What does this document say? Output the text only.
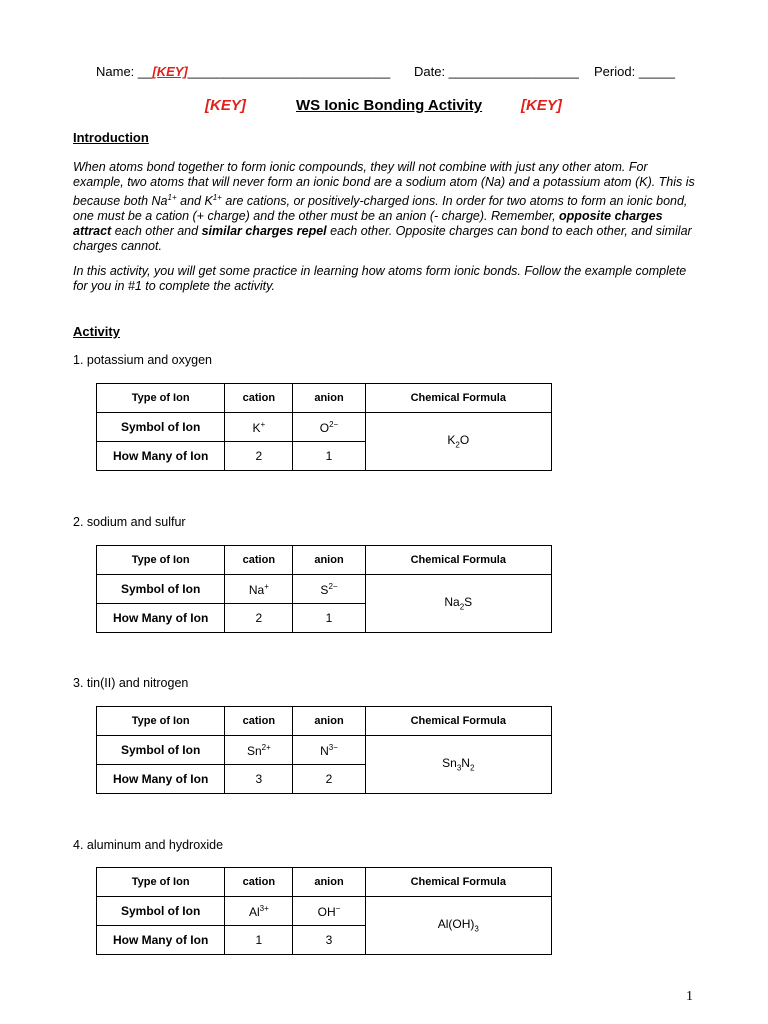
Name: __[KEY]____________________________ Date: __________________ Period: _____
[KEY]	WS Ionic Bonding Activity	[KEY]
Introduction
When atoms bond together to form ionic compounds, they will not combine with just any other atom. For example, two atoms that will never form an ionic bond are a sodium atom (Na) and a potassium atom (K). This is because both $Na^{1+}$ and $K^{1+}$ are cations, or positively-charged ions. In order for two atoms to form an ionic bond, one must be a cation (+ charge) and the other must be an anion (- charge). Remember, opposite charges attract each other and similar charges repel each other. Opposite charges can bond to each other, and similar charges cannot.
In this activity, you will get some practice in learning how atoms form ionic bonds. Follow the example complete for you in #1 to complete the activity.
Activity
1. potassium and oxygen
Type of Ion	cation	anion	Chemical Formula
Symbol of Ion	K+	$O^{2-}$	$K_2O$
How Many of Ion	2	1	
2. sodium and sulfur
Type of Ion	cation	anion	Chemical Formula
Symbol of Ion	Na+	$S^{2-}$	$Na_2S$
How Many of Ion	2	1	
3. tin(II) and nitrogen
Type of Ion	cation	anion	Chemical Formula
Symbol of Ion	$Sn^{2+}$	$N^{3-}$	$Sn_3N_2$
How Many of Ion	3	2	
4. aluminum and hydroxide
Type of Ion	cation	anion	Chemical Formula
Symbol of Ion	$Al^{3+}$	OH−	$Al(OH)_3$
How Many of Ion	1	3	
1
